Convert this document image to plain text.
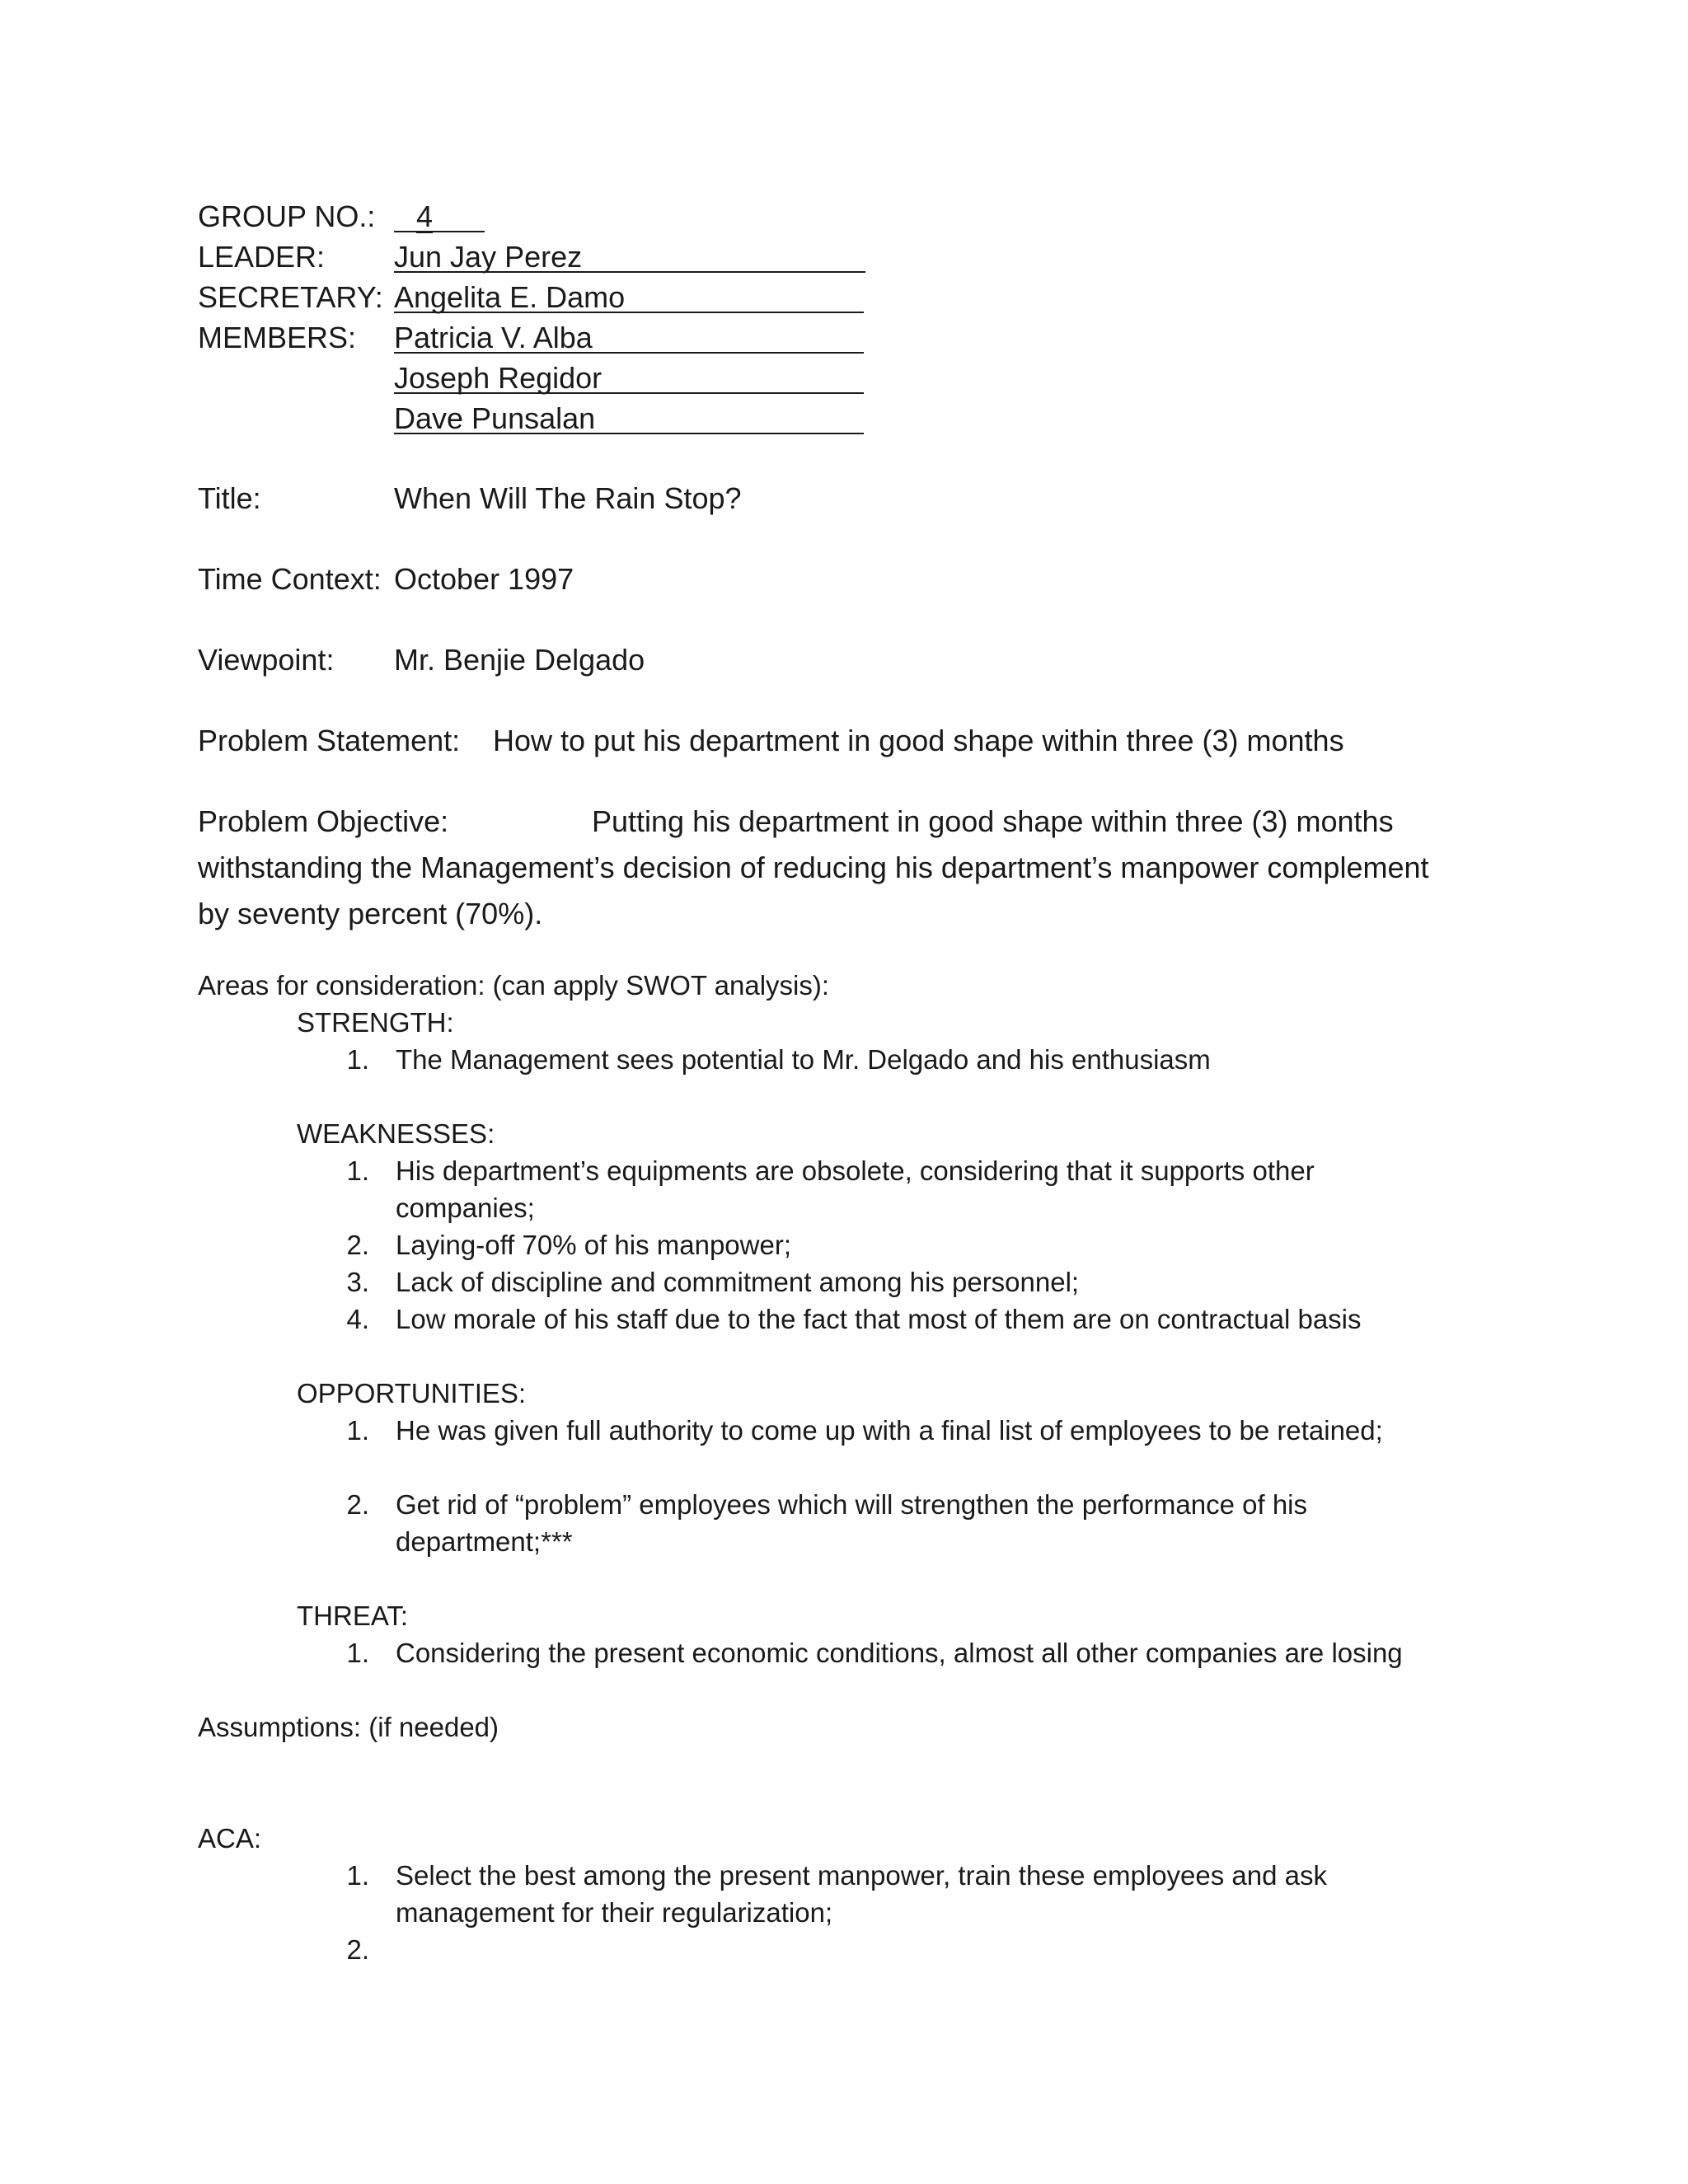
GROUP NO.: 4
LEADER: Jun Jay Perez
SECRETARY: Angelita E. Damo
MEMBERS: Patricia V. Alba
Joseph Regidor
Dave Punsalan
Title:	When Will The Rain Stop?
Time Context: October 1997
Viewpoint: Mr. Benjie Delgado
Problem Statement: How to put his department in good shape within three (3) months
Problem Objective:	Putting his department in good shape within three (3) months
withstanding the Management’s decision of reducing his department’s manpower complement
by seventy percent (70%).
Areas for consideration: (can apply SWOT analysis):
STRENGTH:
1. The Management sees potential to Mr. Delgado and his enthusiasm
WEAKNESSES:
1. His department’s equipments are obsolete, considering that it supports other
companies;
2. Laying-off 70% of his manpower;
3. Lack of discipline and commitment among his personnel;
4. Low morale of his staff due to the fact that most of them are on contractual basis
OPPORTUNITIES:
1. He was given full authority to come up with a final list of employees to be retained;
2. Get rid of “problem” employees which will strengthen the performance of his
department;***
THREAT:
1. Considering the present economic conditions, almost all other companies are losing
Assumptions: (if needed)
ACA:
1. Select the best among the present manpower, train these employees and ask
management for their regularization;
2.
